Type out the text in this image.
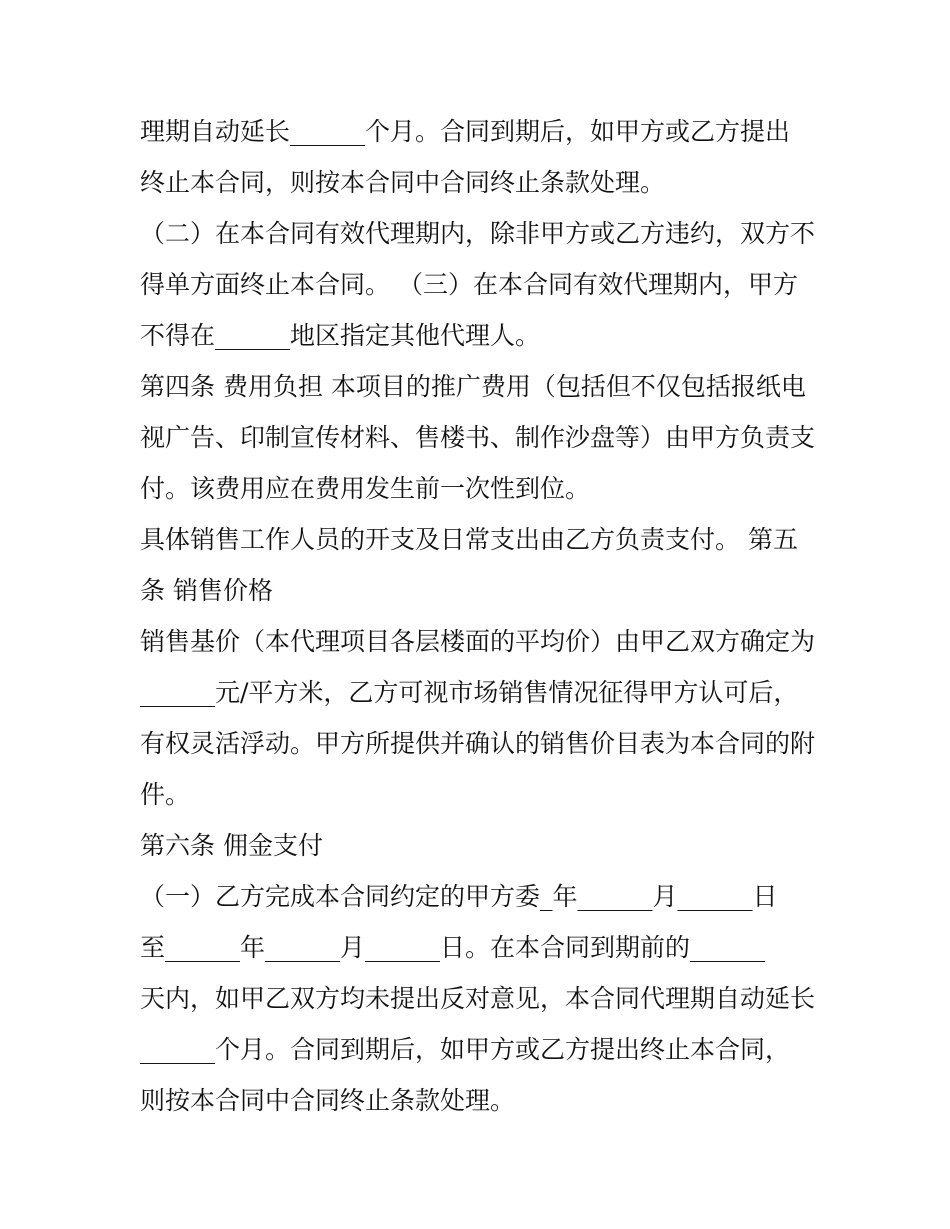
理期自动延长______个月。合同到期后，如甲方或乙方提出
终止本合同，则按本合同中合同终止条款处理。
（二）在本合同有效代理期内，除非甲方或乙方违约，双方不
得单方面终止本合同。 （三）在本合同有效代理期内，甲方
不得在______地区指定其他代理人。
第四条 费用负担 本项目的推广费用（包括但不仅包括报纸电
视广告、印制宣传材料、售楼书、制作沙盘等）由甲方负责支
付。该费用应在费用发生前一次性到位。
具体销售工作人员的开支及日常支出由乙方负责支付。 第五
条 销售价格
销售基价（本代理项目各层楼面的平均价）由甲乙双方确定为
______元/平方米，乙方可视市场销售情况征得甲方认可后，
有权灵活浮动。甲方所提供并确认的销售价目表为本合同的附
件。
第六条 佣金支付
（一）乙方完成本合同约定的甲方委_年______月______日
至______年______月______日。在本合同到期前的______
天内，如甲乙双方均未提出反对意见，本合同代理期自动延长
______个月。合同到期后，如甲方或乙方提出终止本合同，
则按本合同中合同终止条款处理。
